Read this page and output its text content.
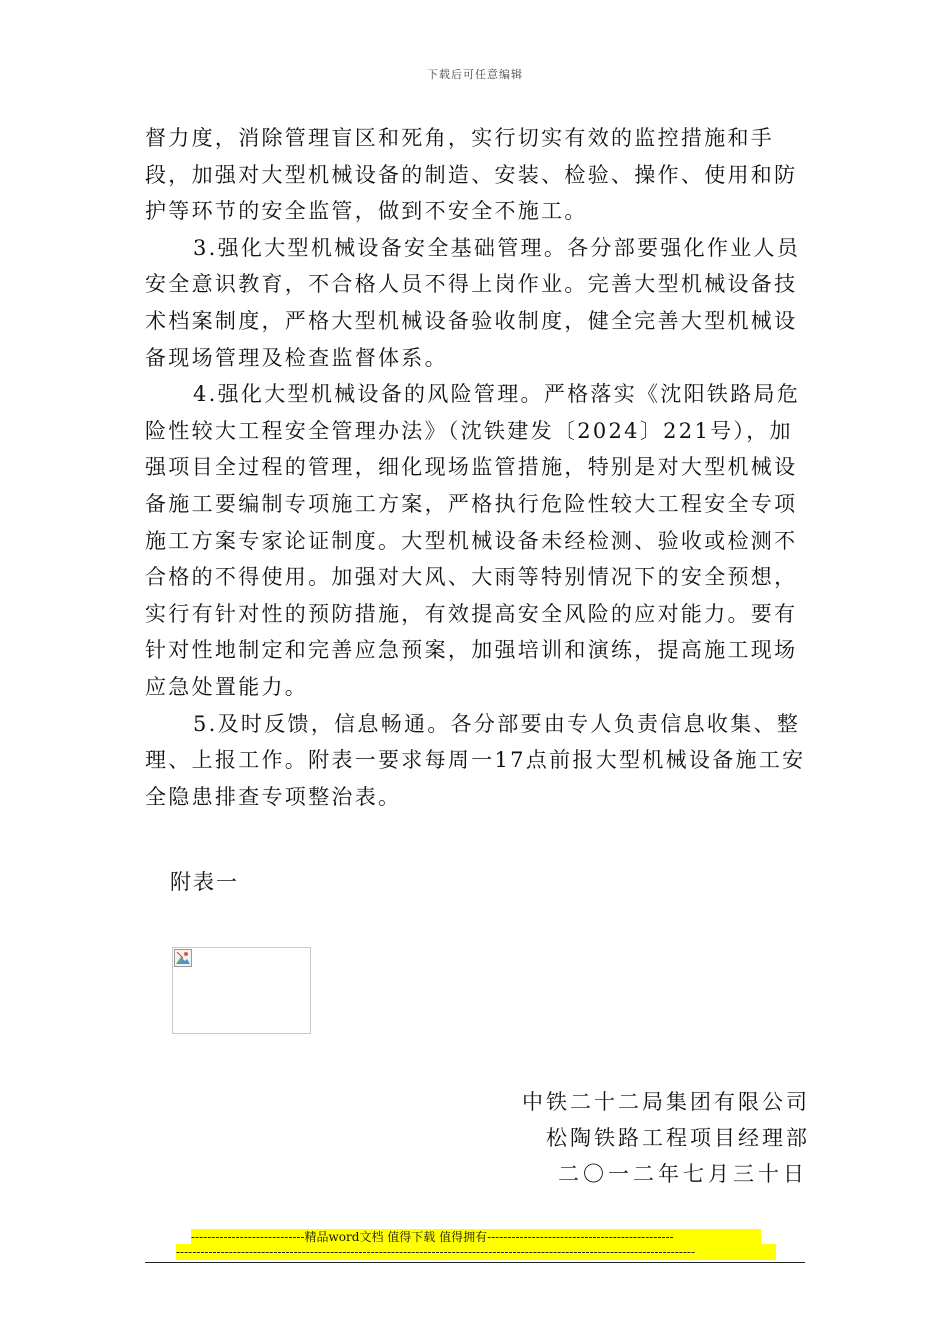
下载后可任意编辑

督力度，消除管理盲区和死角，实行切实有效的监控措施和手段，加强对大型机械设备的制造、安装、检验、操作、使用和防护等环节的安全监管，做到不安全不施工。

3.强化大型机械设备安全基础管理。各分部要强化作业人员安全意识教育，不合格人员不得上岗作业。完善大型机械设备技术档案制度，严格大型机械设备验收制度，健全完善大型机械设备现场管理及检查监督体系。

4.强化大型机械设备的风险管理。严格落实《沈阳铁路局危险性较大工程安全管理办法》（沈铁建发〔2024〕221号），加强项目全过程的管理，细化现场监管措施，特别是对大型机械设备施工要编制专项施工方案，严格执行危险性较大工程安全专项施工方案专家论证制度。大型机械设备未经检测、验收或检测不合格的不得使用。加强对大风、大雨等特别情况下的安全预想，实行有针对性的预防措施，有效提高安全风险的应对能力。要有针对性地制定和完善应急预案，加强培训和演练，提高施工现场应急处置能力。

5.及时反馈，信息畅通。各分部要由专人负责信息收集、整理、上报工作。附表一要求每周一17点前报大型机械设备施工安全隐患排查专项整治表。

附表一
中铁二十二局集团有限公司
松陶铁路工程项目经理部
二〇一二年七月三十日
----------------------------精品word文档 值得下载 值得拥有----------------------------------------------
--------------------------------------------------------------------------------------------------------------------------------
